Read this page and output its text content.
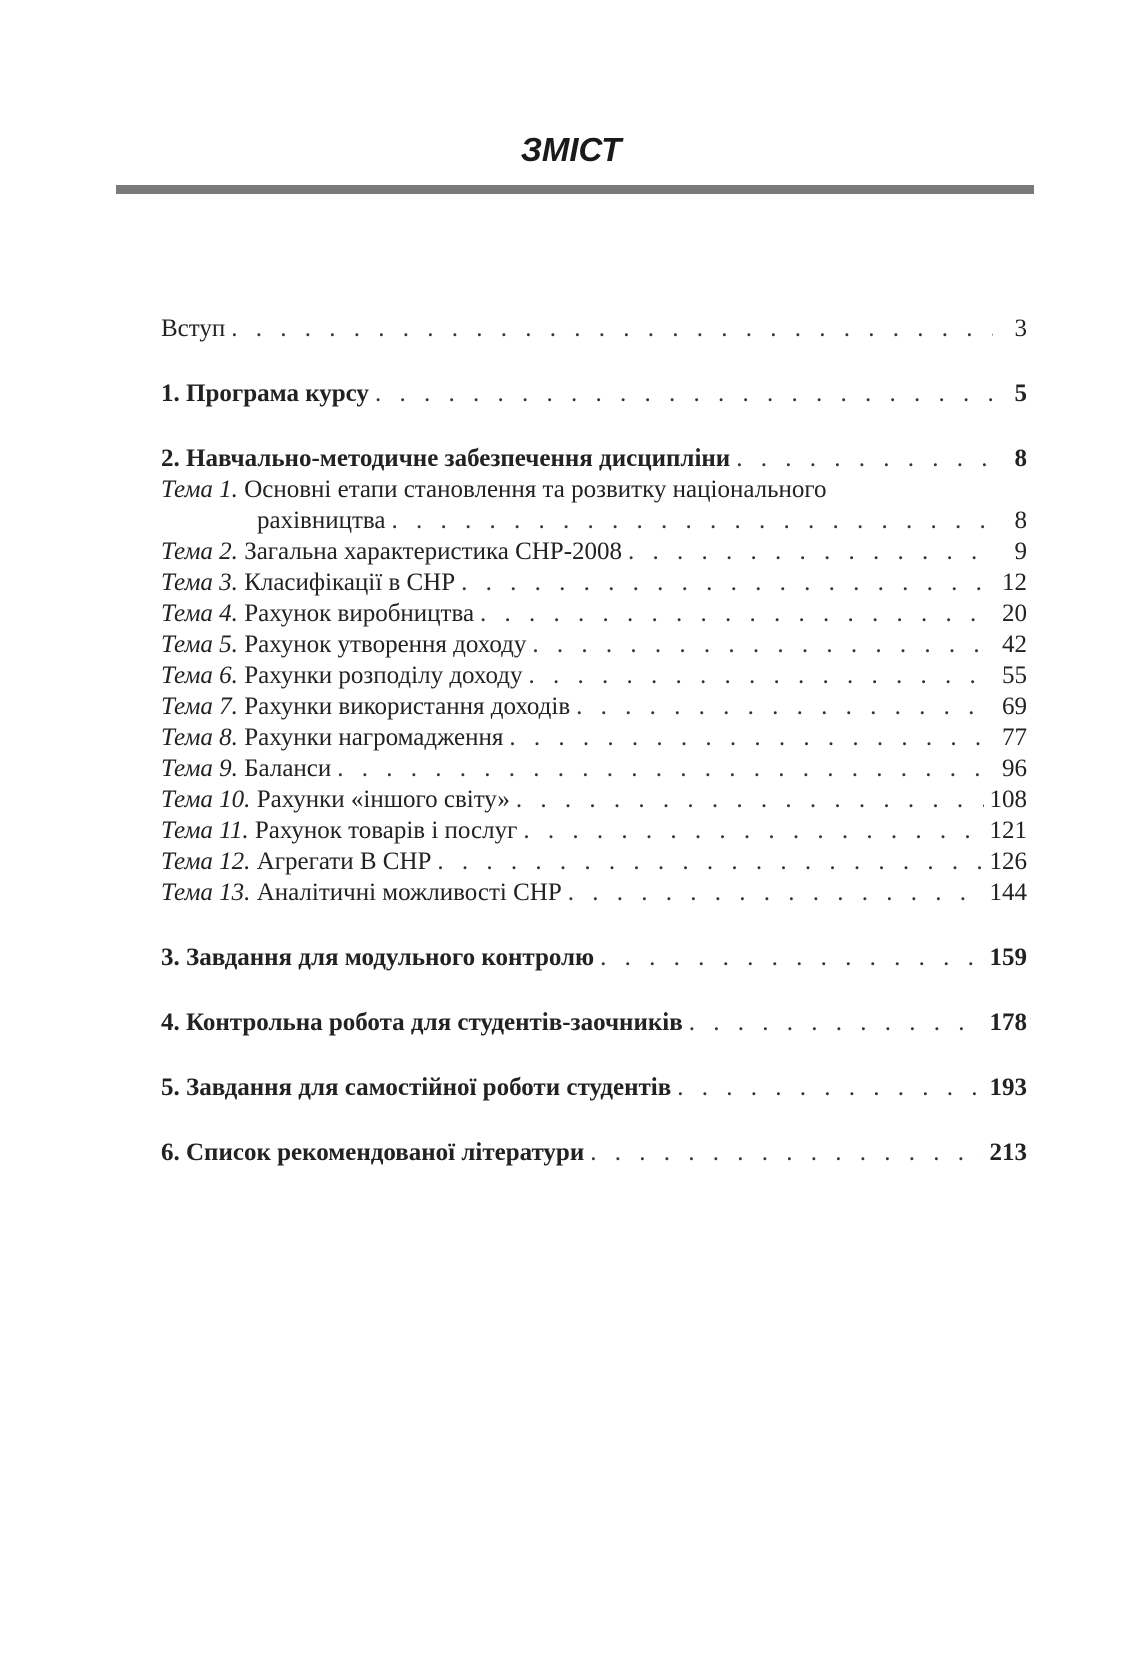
ЗМІСТ
Вступ . . .	3
1. Програма курсу . . .	5
2. Навчально-методичне забезпечення дисципліни . . .	8
Тема 1. Основні етапи становлення та розвитку національного
рахівництва . . .	8
Тема 2. Загальна характеристика СНР-2008 . . .	9
Тема 3. Класифікації в СНР . . .	12
Тема 4. Рахунок виробництва . . .	20
Тема 5. Рахунок утворення доходу . . .	42
Тема 6. Рахунки розподілу доходу . . .	55
Тема 7. Рахунки використання доходів . . .	69
Тема 8. Рахунки нагромадження . . .	77
Тема 9. Баланси . . .	96
Тема 10. Рахунки «іншого світу» . . .	108
Тема 11. Рахунок товарів і послуг . . .	121
Тема 12. Агрегати В СНР . . .	126
Тема 13. Аналітичні можливості СНР . . .	144
3. Завдання для модульного контролю . . .	159
4. Контрольна робота для студентів-заочників . . .	178
5. Завдання для самостійної роботи студентів . . .	193
6. Список рекомендованої літератури . . .	213
